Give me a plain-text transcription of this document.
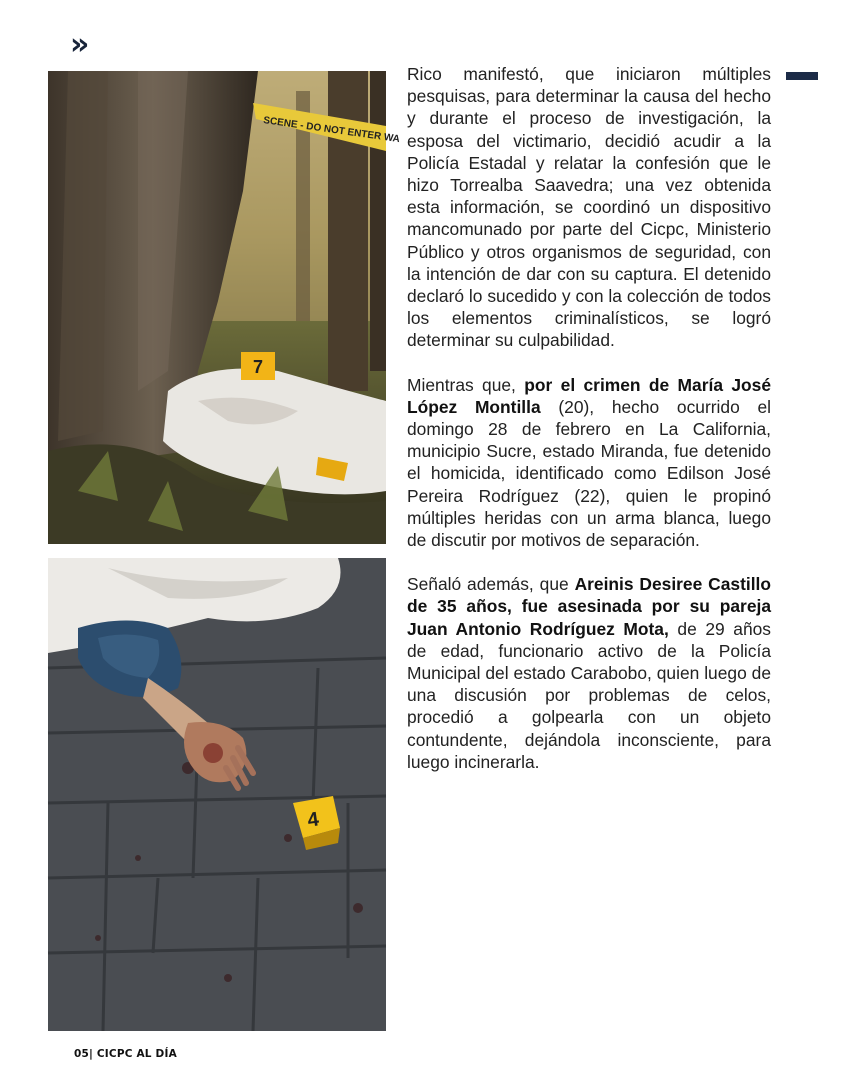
»
SCENE - DO NOT ENTER WA
7
4

Rico manifestó, que iniciaron múltiples pesquisas, para determinar la causa del hecho y durante el proceso de investigación, la esposa del victimario, decidió acudir a la Policía Estadal y relatar la confesión que le hizo Torrealba Saavedra; una vez obtenida esta información, se coordinó un dispositivo mancomunado por parte del Cicpc, Ministerio Público y otros organismos de seguridad, con la intención de dar con su captura. El detenido declaró lo sucedido y con la colección de todos los elementos criminalísticos, se logró determinar su culpabilidad.

Mientras que, por el crimen de María José López Montilla (20), hecho ocurrido el domingo 28 de febrero en La California, municipio Sucre, estado Miranda, fue detenido el homicida, identificado como Edilson José Pereira Rodríguez (22), quien le propinó múltiples heridas con un arma blanca, luego de discutir por motivos de separación.

Señaló además, que Areinis Desiree Castillo de 35 años, fue asesinada por su pareja Juan Antonio Rodríguez Mota, de 29 años de edad, funcionario activo de la Policía Municipal del estado Carabobo, quien luego de una discusión por problemas de celos, procedió a golpearla con un objeto contundente, dejándola inconsciente, para luego incinerarla.

05| CICPC AL DÍA
